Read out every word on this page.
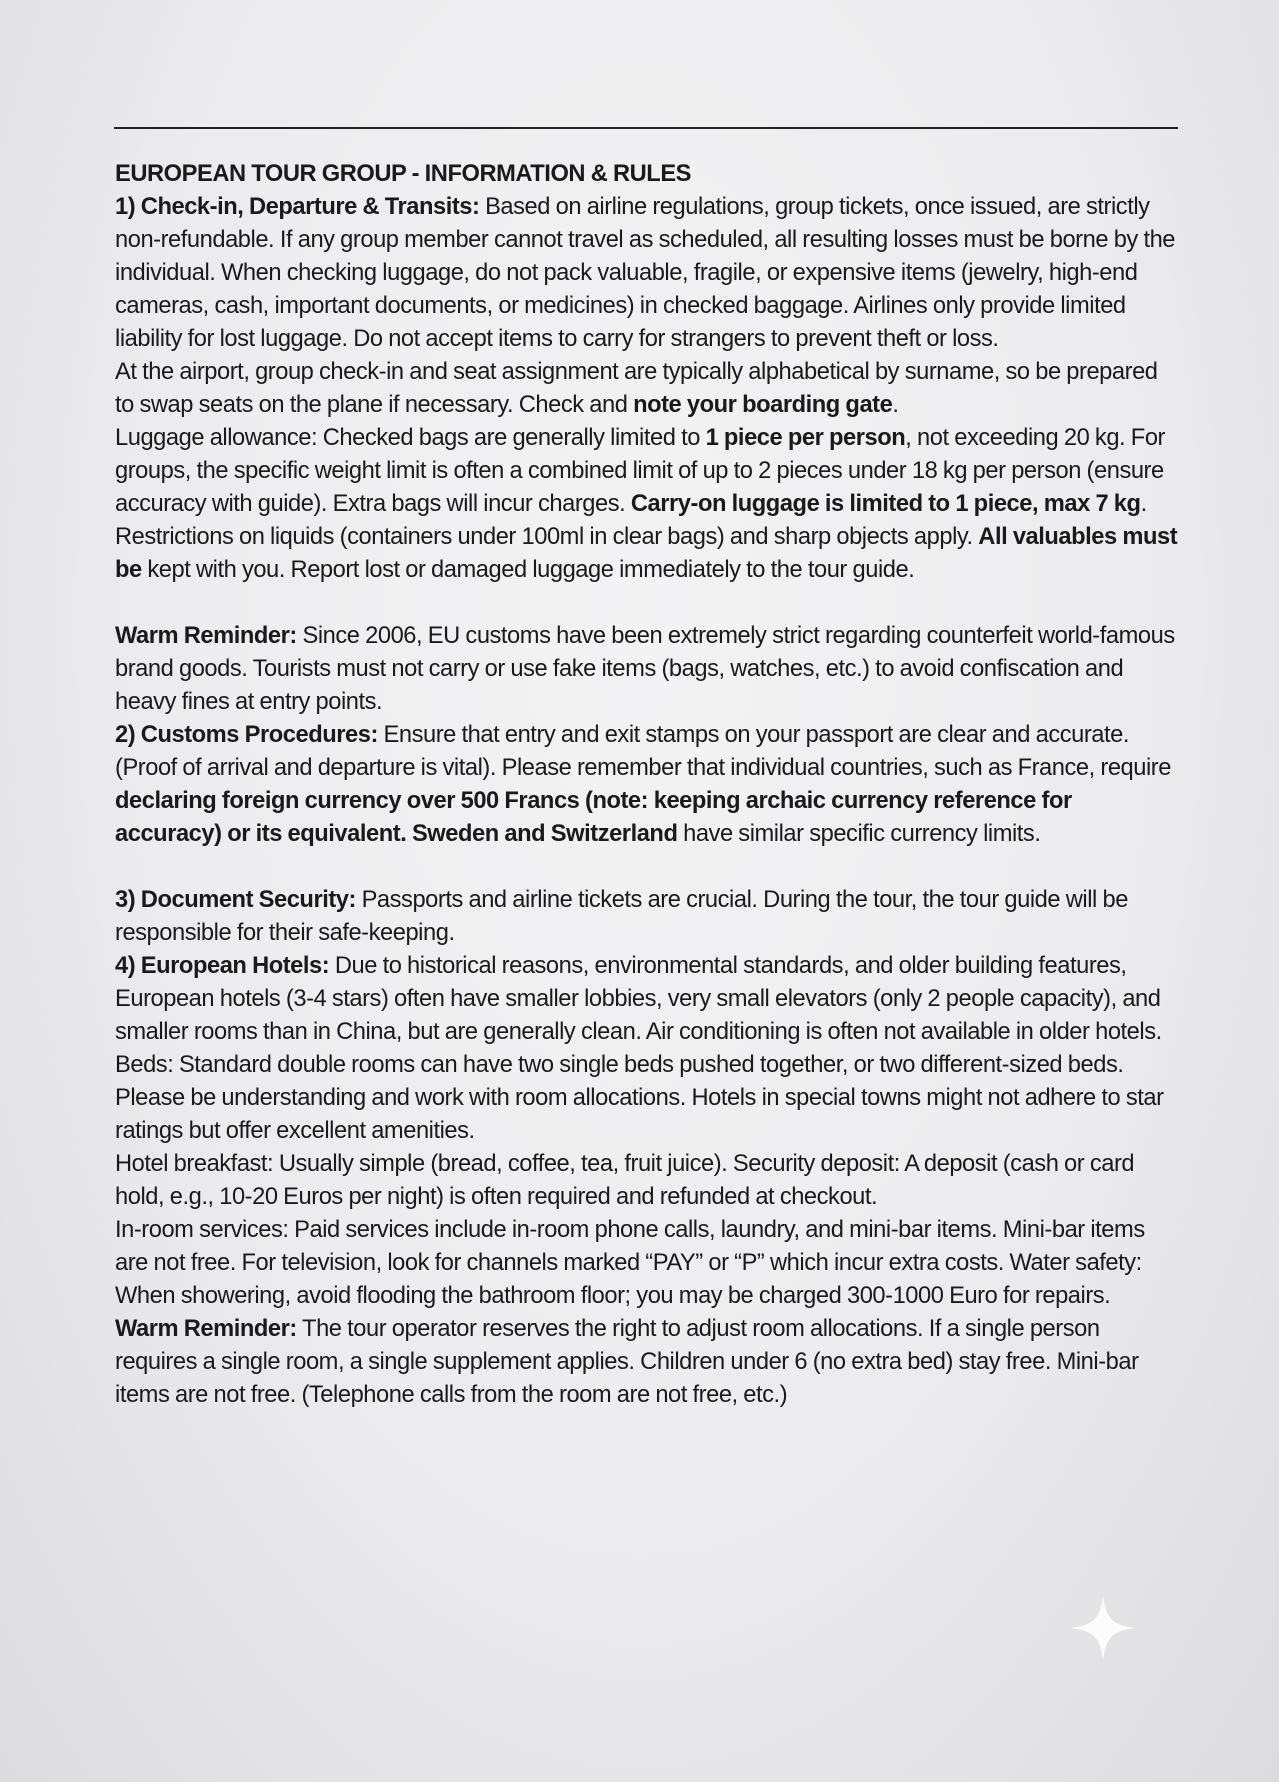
EUROPEAN TOUR GROUP - INFORMATION & RULES

1) Check-in, Departure & Transits: Based on airline regulations, group tickets, once issued, are strictly non-refundable. If any group member cannot travel as scheduled, all resulting losses must be borne by the individual. When checking luggage, do not pack valuable, fragile, or expensive items (jewelry, high-end cameras, cash, important documents, or medicines) in checked baggage. Airlines only provide limited liability for lost luggage. Do not accept items to carry for strangers to prevent theft or loss.

At the airport, group check-in and seat assignment are typically alphabetical by surname, so be prepared to swap seats on the plane if necessary. Check and note your boarding gate.

Luggage allowance: Checked bags are generally limited to 1 piece per person, not exceeding 20 kg. For groups, the specific weight limit is often a combined limit of up to 2 pieces under 18 kg per person (ensure accuracy with guide). Extra bags will incur charges. Carry-on luggage is limited to 1 piece, max 7 kg. Restrictions on liquids (containers under 100ml in clear bags) and sharp objects apply. All valuables must be kept with you. Report lost or damaged luggage immediately to the tour guide.

Warm Reminder: Since 2006, EU customs have been extremely strict regarding counterfeit world-famous brand goods. Tourists must not carry or use fake items (bags, watches, etc.) to avoid confiscation and heavy fines at entry points.

2) Customs Procedures: Ensure that entry and exit stamps on your passport are clear and accurate. (Proof of arrival and departure is vital). Please remember that individual countries, such as France, require declaring foreign currency over 500 Francs (note: keeping archaic currency reference for accuracy) or its equivalent. Sweden and Switzerland have similar specific currency limits.

3) Document Security: Passports and airline tickets are crucial. During the tour, the tour guide will be responsible for their safe-keeping.

4) European Hotels: Due to historical reasons, environmental standards, and older building features, European hotels (3-4 stars) often have smaller lobbies, very small elevators (only 2 people capacity), and smaller rooms than in China, but are generally clean. Air conditioning is often not available in older hotels.

Beds: Standard double rooms can have two single beds pushed together, or two different-sized beds. Please be understanding and work with room allocations. Hotels in special towns might not adhere to star ratings but offer excellent amenities.

Hotel breakfast: Usually simple (bread, coffee, tea, fruit juice). Security deposit: A deposit (cash or card hold, e.g., 10-20 Euros per night) is often required and refunded at checkout.

In-room services: Paid services include in-room phone calls, laundry, and mini-bar items. Mini-bar items are not free. For television, look for channels marked “PAY” or “P” which incur extra costs. Water safety: When showering, avoid flooding the bathroom floor; you may be charged 300-1000 Euro for repairs.

Warm Reminder: The tour operator reserves the right to adjust room allocations. If a single person requires a single room, a single supplement applies. Children under 6 (no extra bed) stay free. Mini-bar items are not free. (Telephone calls from the room are not free, etc.)
